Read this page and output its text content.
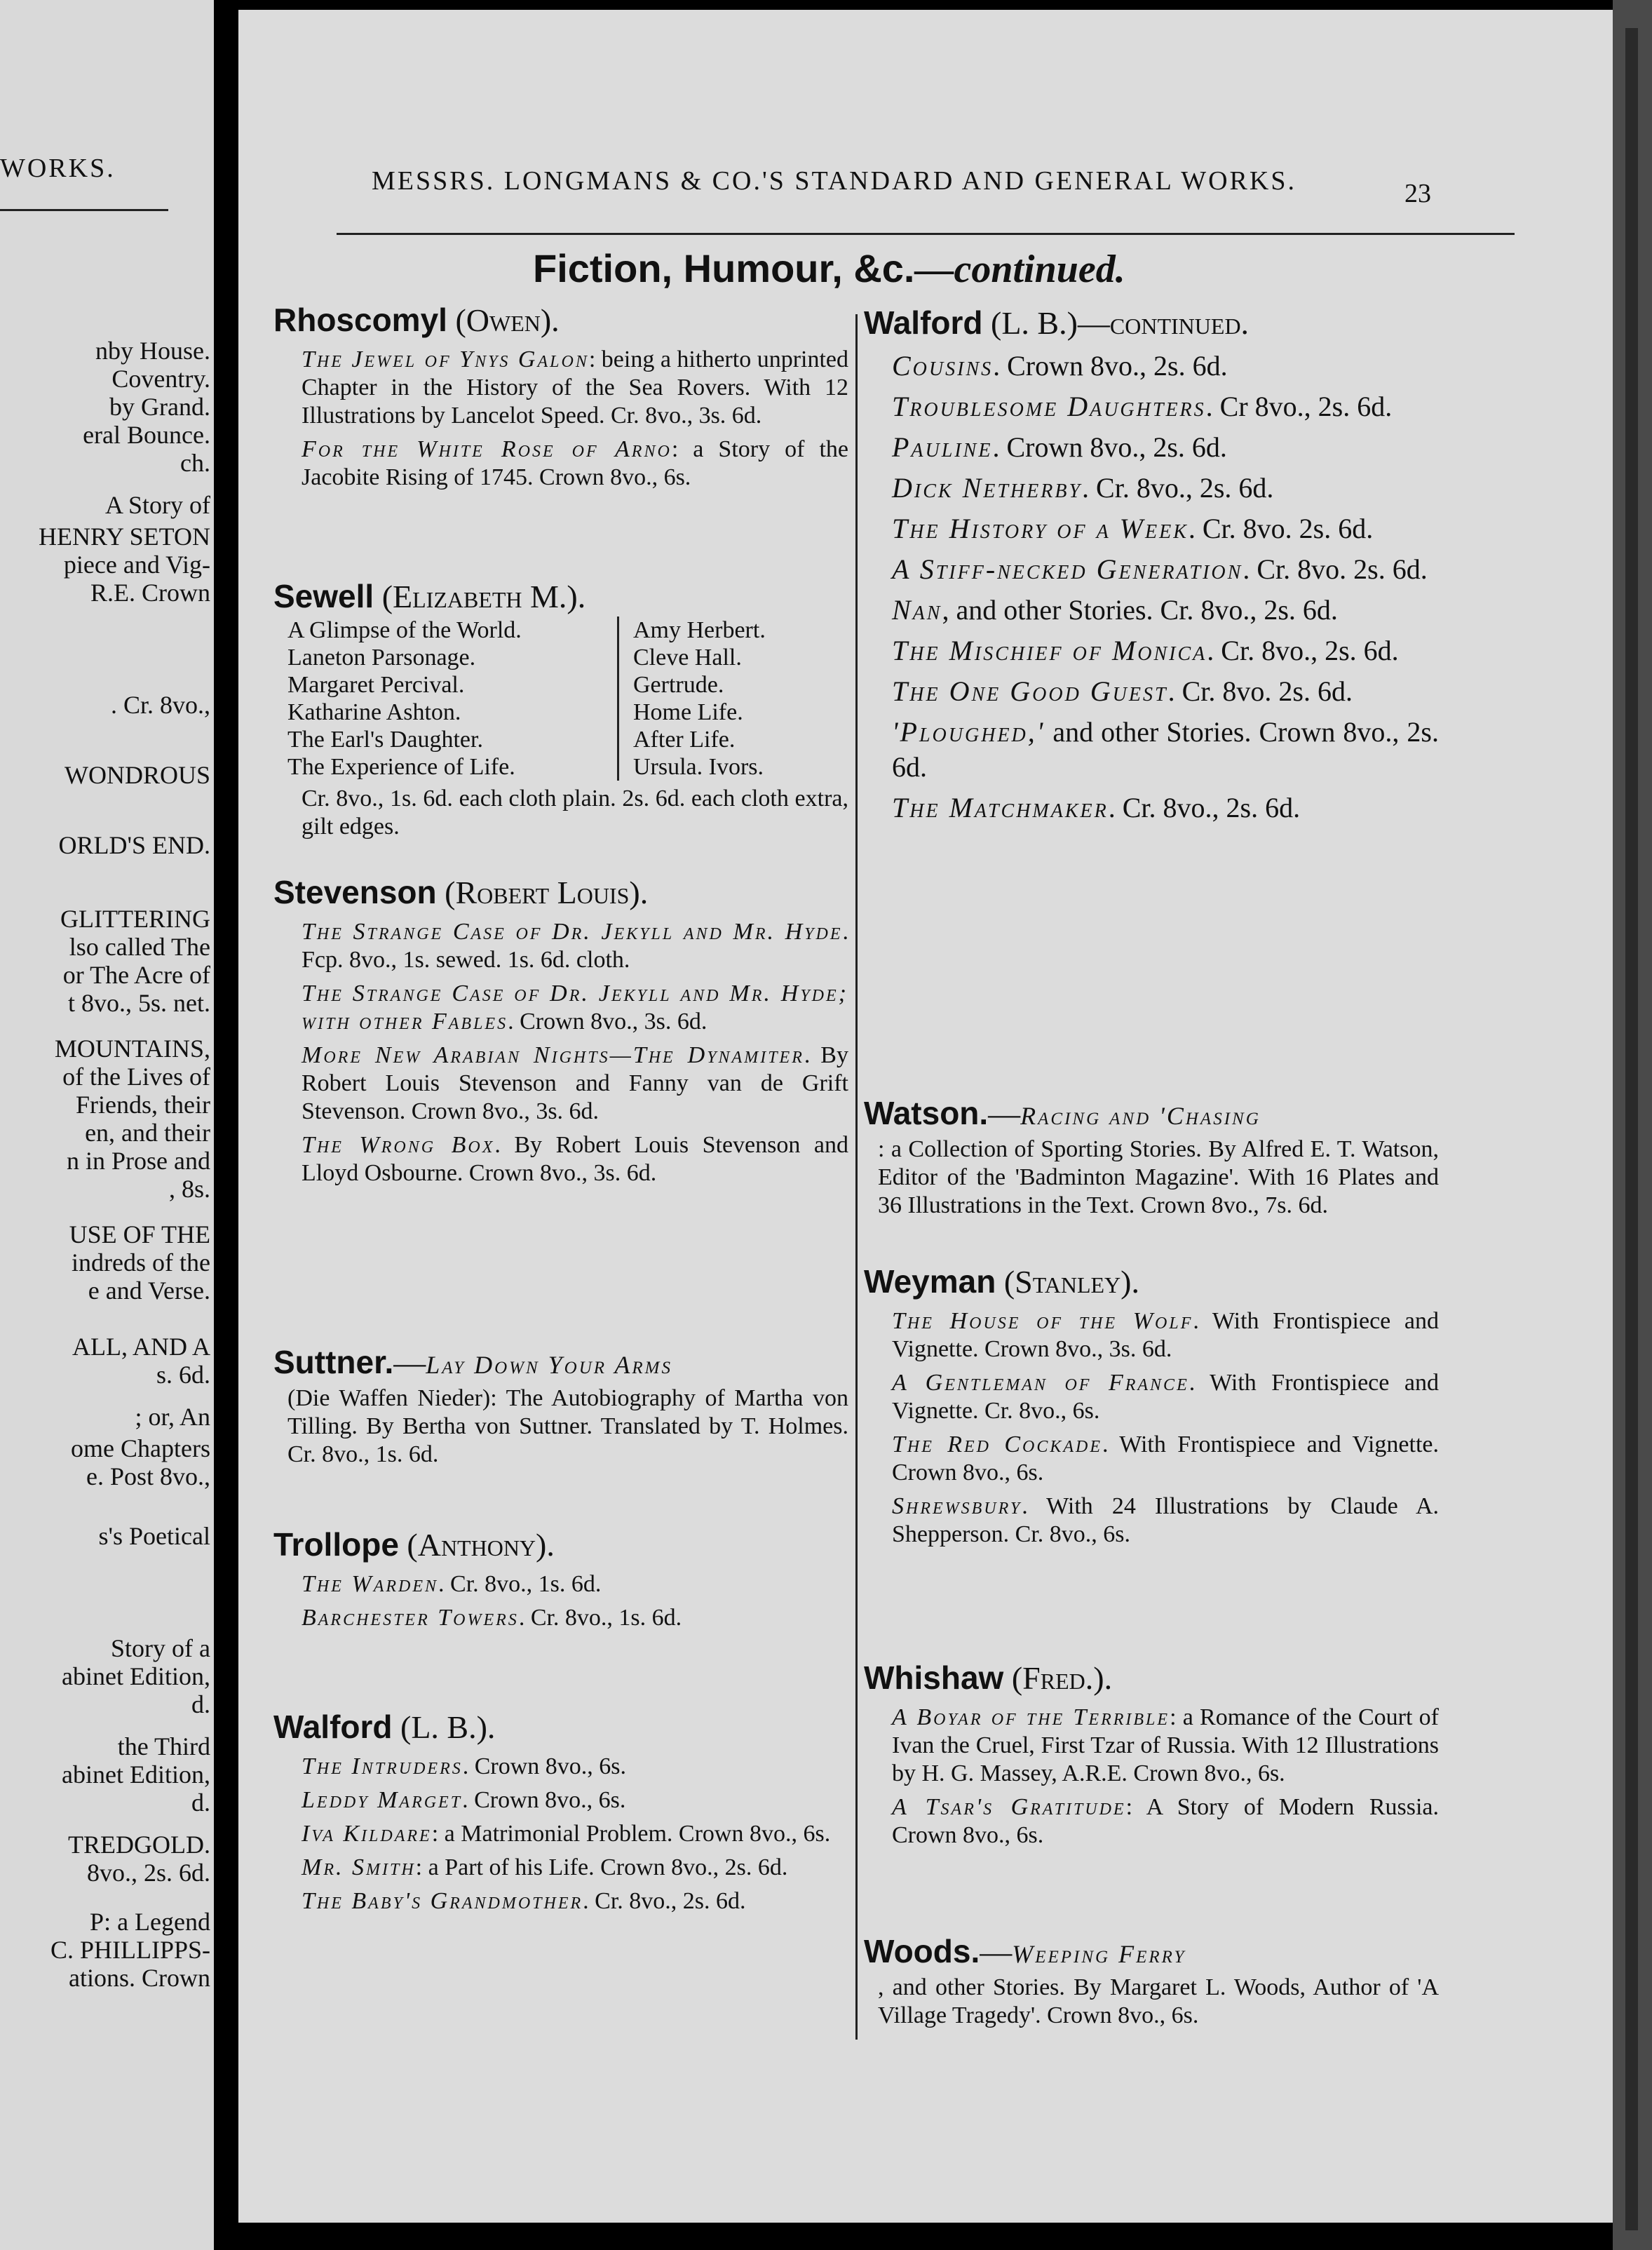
WORKS.
nby House.
Coventry.
by Grand.
eral Bounce.
ch.
A Story of
HENRY SETON
piece and Vig-
R.E. Crown
. Cr. 8vo.,
WONDROUS
ORLD'S END.
GLITTERING
lso called The
or The Acre of
t 8vo., 5s. net.
MOUNTAINS,
of the Lives of
Friends, their
en, and their
n in Prose and
, 8s.
USE OF THE
indreds of the
e and Verse.
ALL, AND A
s. 6d.
; or, An
ome Chapters
e. Post 8vo.,
s's Poetical
Story of a
abinet Edition,
d.
the Third
abinet Edition,
d.
TREDGOLD.
8vo., 2s. 6d.
P: a Legend
C. PHILLIPPS-
ations. Crown
MESSRS. LONGMANS & CO.'S STANDARD AND GENERAL WORKS.	23
Fiction, Humour, &c.—continued.
Rhoscomyl (Owen).
The Jewel of Ynys Galon: being a hitherto unprinted Chapter in the History of the Sea Rovers. With 12 Illustrations by Lancelot Speed. Cr. 8vo., 3s. 6d.
For the White Rose of Arno: a Story of the Jacobite Rising of 1745. Crown 8vo., 6s.
Sewell (Elizabeth M.).
A Glimpse of the World.
Laneton Parsonage.
Margaret Percival.
Katharine Ashton.
The Earl's Daughter.
The Experience of Life.
Amy Herbert.
Cleve Hall.
Gertrude.
Home Life.
After Life.
Ursula. Ivors.
Cr. 8vo., 1s. 6d. each cloth plain. 2s. 6d. each cloth extra, gilt edges.
Stevenson (Robert Louis).
The Strange Case of Dr. Jekyll and Mr. Hyde. Fcp. 8vo., 1s. sewed. 1s. 6d. cloth.
The Strange Case of Dr. Jekyll and Mr. Hyde; with other Fables. Crown 8vo., 3s. 6d.
More New Arabian Nights—The Dynamiter. By Robert Louis Stevenson and Fanny van de Grift Stevenson. Crown 8vo., 3s. 6d.
The Wrong Box. By Robert Louis Stevenson and Lloyd Osbourne. Crown 8vo., 3s. 6d.
Suttner.—Lay Down Your Arms
(Die Waffen Nieder): The Autobiography of Martha von Tilling. By Bertha von Suttner. Translated by T. Holmes. Cr. 8vo., 1s. 6d.
Trollope (Anthony).
The Warden. Cr. 8vo., 1s. 6d.
Barchester Towers. Cr. 8vo., 1s. 6d.
Walford (L. B.).
The Intruders. Crown 8vo., 6s.
Leddy Marget. Crown 8vo., 6s.
Iva Kildare: a Matrimonial Problem. Crown 8vo., 6s.
Mr. Smith: a Part of his Life. Crown 8vo., 2s. 6d.
The Baby's Grandmother. Cr. 8vo., 2s. 6d.
Walford (L. B.)—continued.
Cousins. Crown 8vo., 2s. 6d.
Troublesome Daughters. Cr 8vo., 2s. 6d.
Pauline. Crown 8vo., 2s. 6d.
Dick Netherby. Cr. 8vo., 2s. 6d.
The History of a Week. Cr. 8vo. 2s. 6d.
A Stiff-necked Generation. Cr. 8vo. 2s. 6d.
Nan, and other Stories. Cr. 8vo., 2s. 6d.
The Mischief of Monica. Cr. 8vo., 2s. 6d.
The One Good Guest. Cr. 8vo. 2s. 6d.
'Ploughed,' and other Stories. Crown 8vo., 2s. 6d.
The Matchmaker. Cr. 8vo., 2s. 6d.
Watson.—Racing and 'Chasing
: a Collection of Sporting Stories. By Alfred E. T. Watson, Editor of the 'Badminton Magazine'. With 16 Plates and 36 Illustrations in the Text. Crown 8vo., 7s. 6d.
Weyman (Stanley).
The House of the Wolf. With Frontispiece and Vignette. Crown 8vo., 3s. 6d.
A Gentleman of France. With Frontispiece and Vignette. Cr. 8vo., 6s.
The Red Cockade. With Frontispiece and Vignette. Crown 8vo., 6s.
Shrewsbury. With 24 Illustrations by Claude A. Shepperson. Cr. 8vo., 6s.
Whishaw (Fred.).
A Boyar of the Terrible: a Romance of the Court of Ivan the Cruel, First Tzar of Russia. With 12 Illustrations by H. G. Massey, A.R.E. Crown 8vo., 6s.
A Tsar's Gratitude: A Story of Modern Russia. Crown 8vo., 6s.
Woods.—Weeping Ferry
, and other Stories. By Margaret L. Woods, Author of 'A Village Tragedy'. Crown 8vo., 6s.
